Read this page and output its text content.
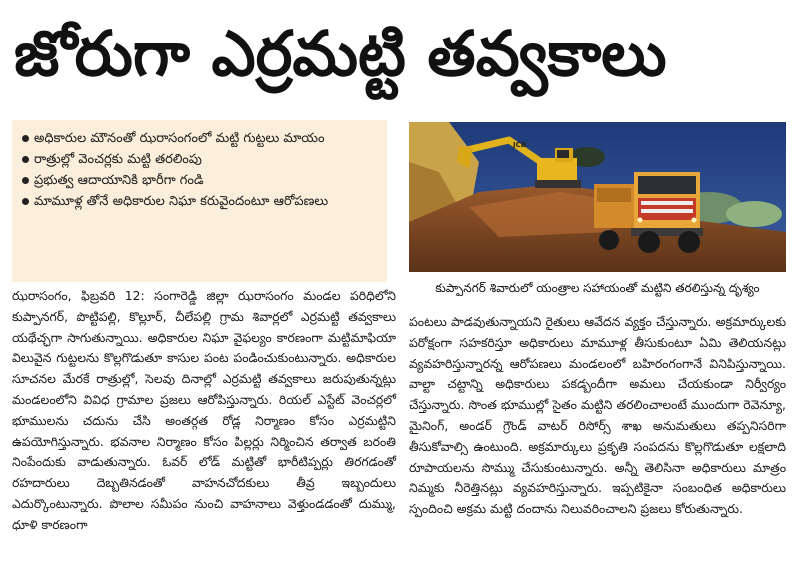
జోరుగా ఎర్రమట్టి తవ్వకాలు
అధికారుల మౌనంతో ఝరాసంగంలో మట్టి గుట్టలు మాయం
రాత్రుల్లో వెంచర్లకు మట్టి తరలింపు
ప్రభుత్వ ఆదాయానికి భారీగా గండి
మామూళ్ల తోనే అధికారుల నిఘా కరువైందంటూ ఆరోపణలు
JCB
కుప్పానగర్ శివారులో యంత్రాల సహాయంతో మట్టిని తరలిస్తున్న దృశ్యం

ఝరాసంగం, ఫిబ్రవరి 12: సంగారెడ్డి జిల్లా ఝరాసంగం మండల పరిధిలోని కుప్పానగర్, పొట్టిపల్లి, కొల్లూర్, చీలేపల్లి గ్రామ శివార్లలో ఎర్రమట్టి తవ్వకాలు యథేచ్ఛగా సాగుతున్నాయి. అధికారుల నిఘా వైఫల్యం కారణంగా మట్టిమాఫియా విలువైన గుట్టలను కొల్లగొడుతూ కాసుల పంట పండించుకుంటున్నారు. అధికారుల సూచనల మేరకే రాత్రుల్లో, సెలవు దినాల్లో ఎర్రమట్టి తవ్వకాలు జరుపుతున్నట్లు మండలంలోని వివిధ గ్రామాల ప్రజలు ఆరోపిస్తున్నారు. రియల్ ఎస్టేట్ వెంచర్లలో భూములను చదును చేసి అంతర్గత రోడ్ల నిర్మాణం కోసం ఎర్రమట్టిని ఉపయోగిస్తున్నారు. భవనాల నిర్మాణం కోసం పిల్లర్లు నిర్మించిన తర్వాత బరంతి నింపేందుకు వాడుతున్నారు. ఓవర్ లోడ్ మట్టితో భారీటిప్పర్లు తిరగడంతో రహదారులు దెబ్బతినడంతో వాహనచోదకులు తీవ్ర ఇబ్బందులు ఎదుర్కొంటున్నారు. పొలాల సమీపం నుంచి వాహనాలు వెళ్తుండడంతో దుమ్ము, ధూళి కారణంగా

పంటలు పాడవుతున్నాయని రైతులు ఆవేదన వ్యక్తం చేస్తున్నారు. అక్రమార్కులకు పరోక్షంగా సహకరిస్తూ అధికారులు మామూళ్ల తీసుకుంటూ ఏమి తెలియనట్లు వ్యవహరిస్తున్నారన్న ఆరోపణలు మండలంలో బహిరంగంగానే వినిపిస్తున్నాయి. వాల్టా చట్టాన్ని అధికారులు పకడ్బందీగా అమలు చేయకుండా నిర్వీర్యం చేస్తున్నారు. సొంత భూముల్లో సైతం మట్టిని తరలించాలంటే ముందుగా రెవెన్యూ, మైనింగ్, అండర్ గ్రౌండ్ వాటర్ రిసోర్స్ శాఖ అనుమతులు తప్పనిసరిగా తీసుకోవాల్సి ఉంటుంది. అక్రమార్కులు ప్రకృతి సంపదను కొల్లగొడుతూ లక్షలాది రూపాయలను సొమ్ము చేసుకుంటున్నారు. అన్నీ తెలిసినా అధికారులు మాత్రం నిమ్మకు నీరెత్తినట్లు వ్యవహరిస్తున్నారు. ఇప్పటికైనా సంబంధిత అధికారులు స్పందించి అక్రమ మట్టి దందాను నిలువరించాలని ప్రజలు కోరుతున్నారు.
